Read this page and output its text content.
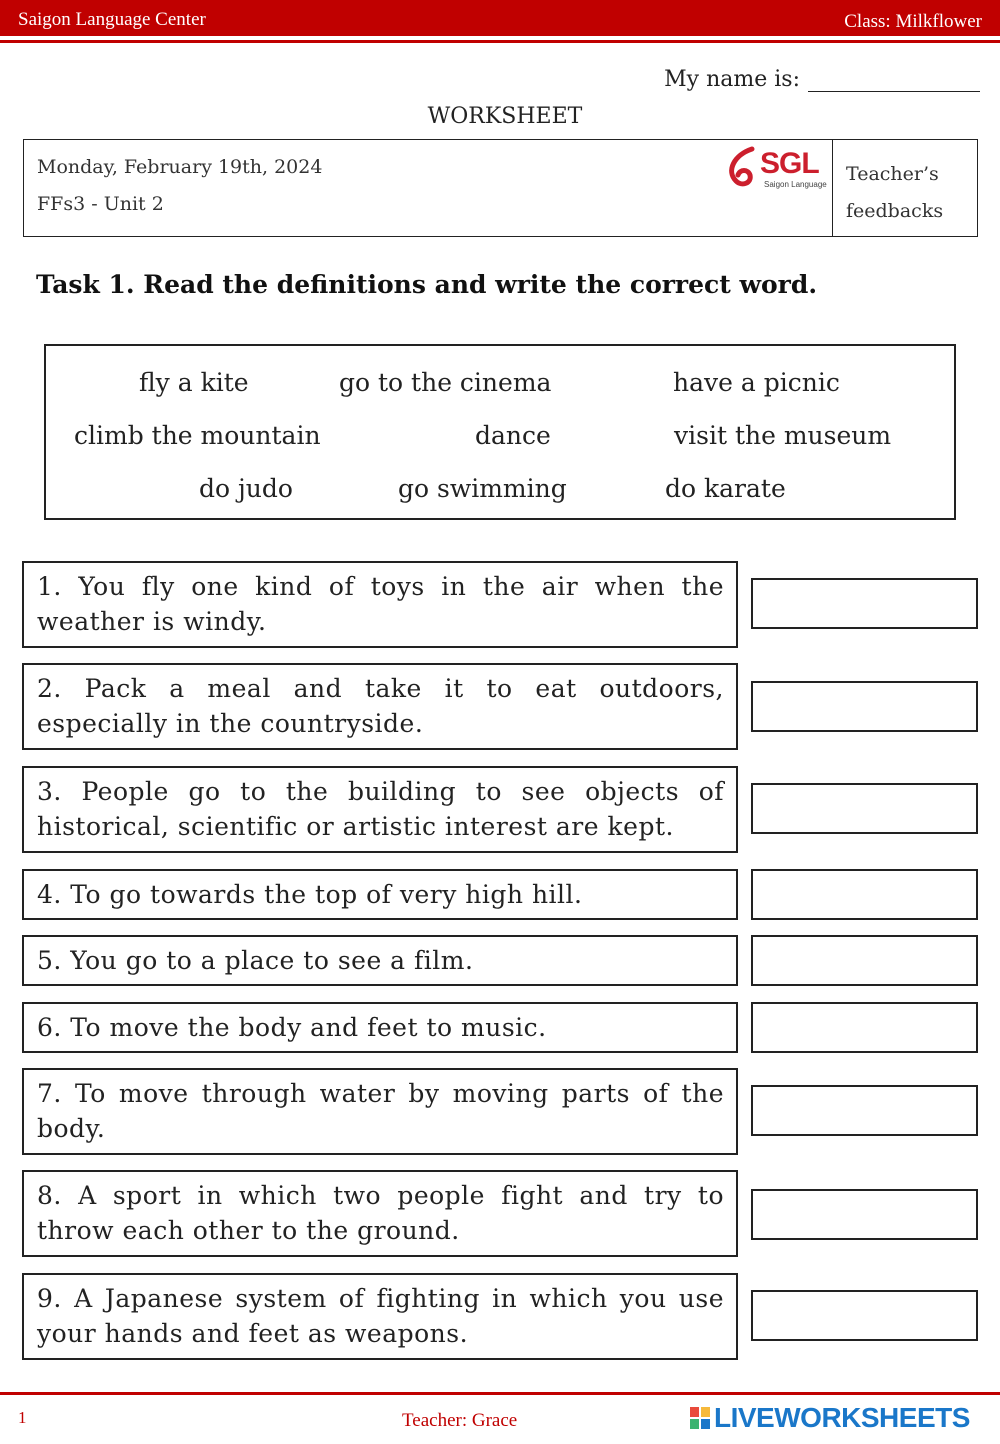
Saigon Language Center	Class: Milkflower
My name is:
WORKSHEET
Monday, February 19th, 2024
FFs3 - Unit 2
SGL
Saigon Language Teacher’s
feedbacks
Task 1. Read the definitions and write the correct word.
fly a kite	go to the cinema	have a picnic
climb the mountain	dance	visit the museum
do judo	go swimming	do karate
1. You fly one kind of toys in the air when the weather is windy.
2. Pack a meal and take it to eat outdoors, especially in the countryside.
3. People go to the building to see objects of historical, scientific or artistic interest are kept.
4. To go towards the top of very high hill.
5. You go to a place to see a film.
6. To move the body and feet to music.
7. To move through water by moving parts of the body.
8. A sport in which two people fight and try to throw each other to the ground.
9. A Japanese system of fighting in which you use your hands and feet as weapons.
1	Teacher: Grace	LIVEWORKSHEETS
